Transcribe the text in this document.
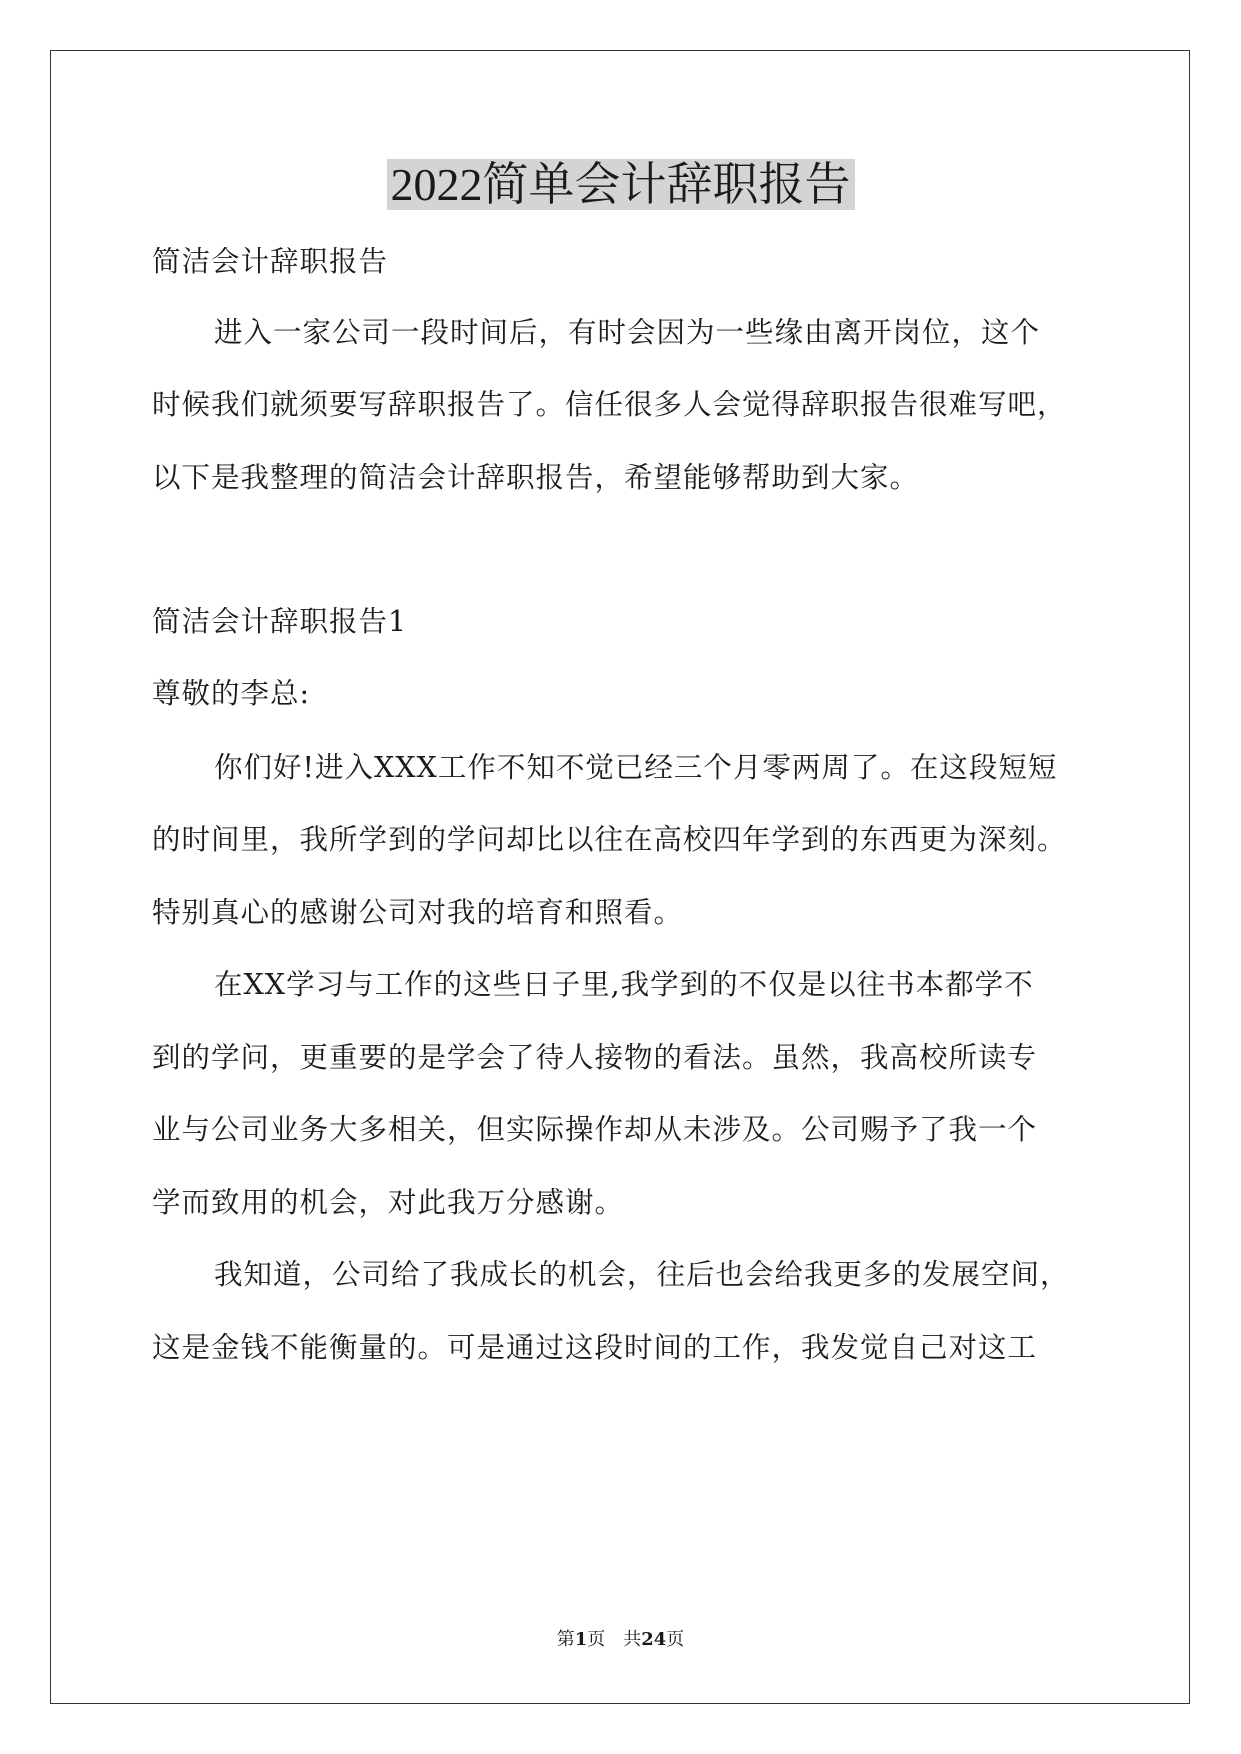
2022简单会计辞职报告
简洁会计辞职报告
进入一家公司一段时间后，有时会因为一些缘由离开岗位，这个
时候我们就须要写辞职报告了。信任很多人会觉得辞职报告很难写吧，
以下是我整理的简洁会计辞职报告，希望能够帮助到大家。
简洁会计辞职报告1
尊敬的李总:
你们好!进入XXX工作不知不觉已经三个月零两周了。在这段短短
的时间里，我所学到的学问却比以往在高校四年学到的东西更为深刻。
特别真心的感谢公司对我的培育和照看。
在XX学习与工作的这些日子里,我学到的不仅是以往书本都学不
到的学问，更重要的是学会了待人接物的看法。虽然，我高校所读专
业与公司业务大多相关，但实际操作却从未涉及。公司赐予了我一个
学而致用的机会，对此我万分感谢。
我知道，公司给了我成长的机会，往后也会给我更多的发展空间，
这是金钱不能衡量的。可是通过这段时间的工作，我发觉自己对这工
第1页　共24页
